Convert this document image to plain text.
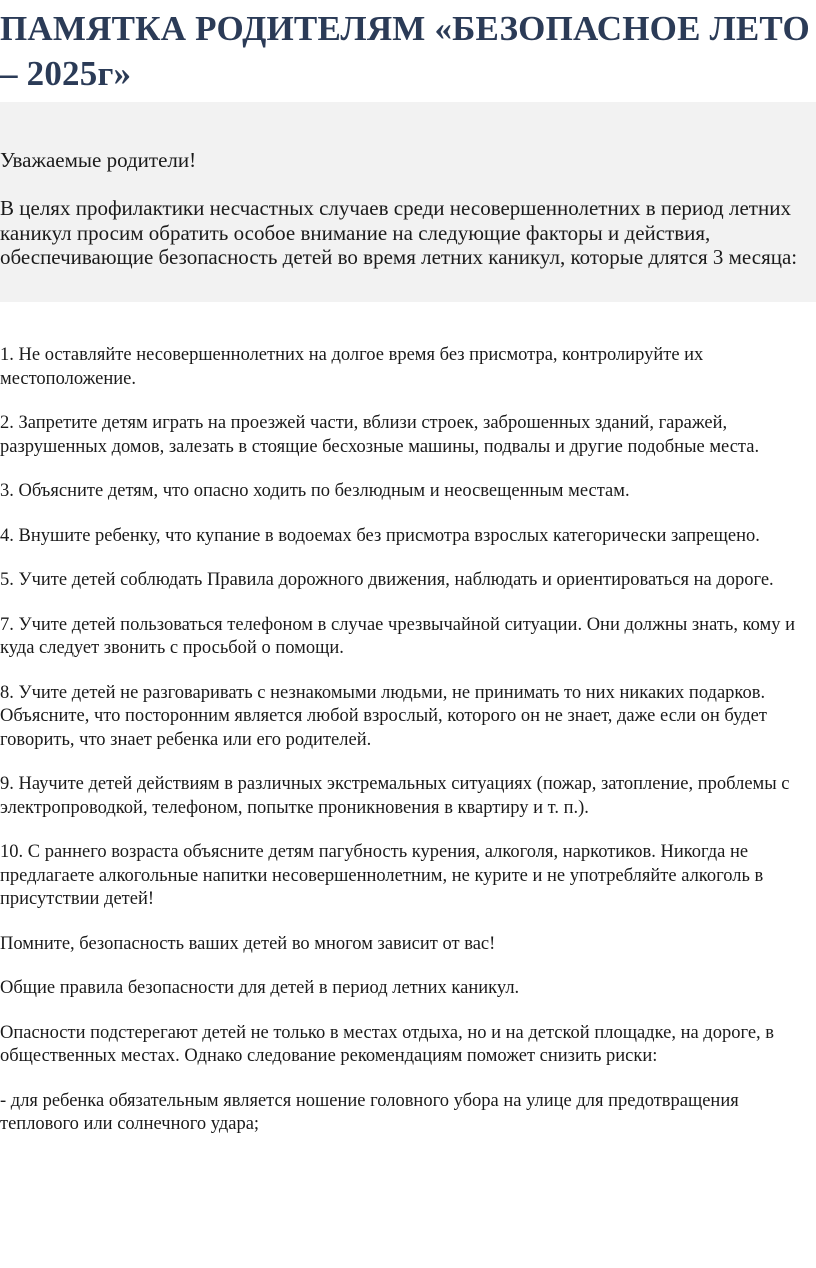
ПАМЯТКА РОДИТЕЛЯМ «БЕЗОПАСНОЕ ЛЕТО – 2025г»

Уважаемые родители!

В целях профилактики несчастных случаев среди несовершеннолетних в период летних каникул просим обратить особое внимание на следующие факторы и действия, обеспечивающие безопасность детей во время летних каникул, которые длятся 3 месяца:

1. Не оставляйте несовершеннолетних на долгое время без присмотра, контролируйте их местоположение.

2. Запретите детям играть на проезжей части, вблизи строек, заброшенных зданий, гаражей, разрушенных домов, залезать в стоящие бесхозные машины, подвалы и другие подобные места.

3. Объясните детям, что опасно ходить по безлюдным и неосвещенным местам.

4. Внушите ребенку, что купание в водоемах без присмотра взрослых категорически запрещено.

5. Учите детей соблюдать Правила дорожного движения, наблюдать и ориентироваться на дороге.

7. Учите детей пользоваться телефоном в случае чрезвычайной ситуации. Они должны знать, кому и куда следует звонить с просьбой о помощи.

8. Учите детей не разговаривать с незнакомыми людьми, не принимать то них никаких подарков. Объясните, что посторонним является любой взрослый, которого он не знает, даже если он будет говорить, что знает ребенка или его родителей.

9. Научите детей действиям в различных экстремальных ситуациях (пожар, затопление, проблемы с электропроводкой, телефоном, попытке проникновения в квартиру и т. п.).

10. С раннего возраста объясните детям пагубность курения, алкоголя, наркотиков. Никогда не предлагаете алкогольные напитки несовершеннолетним, не курите и не употребляйте алкоголь в присутствии детей!

Помните, безопасность ваших детей во многом зависит от вас!

Общие правила безопасности для детей в период летних каникул.

Опасности подстерегают детей не только в местах отдыха, но и на детской площадке, на дороге, в общественных местах. Однако следование рекомендациям поможет снизить риски:

- для ребенка обязательным является ношение головного убора на улице для предотвращения теплового или солнечного удара;
